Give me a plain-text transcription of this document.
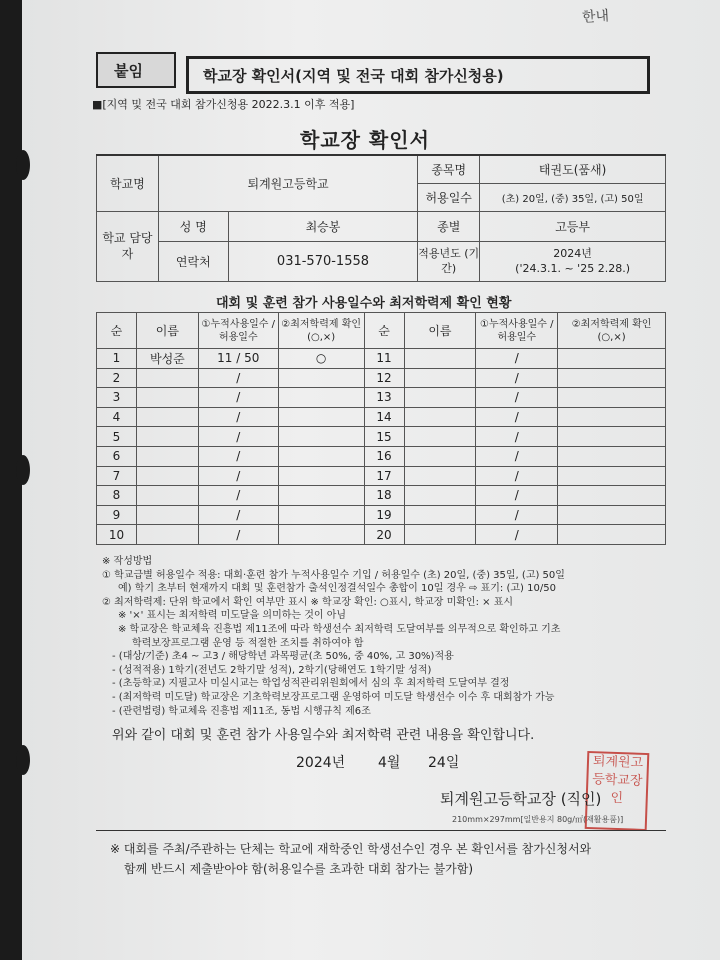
한내
붙임	학교장 확인서(지역 및 전국 대회 참가신청용)
■[지역 및 전국 대회 참가신청용 2022.3.1 이후 적용]
학교장 확인서
학교명	퇴계원고등학교		종목명	태권도(품새)
			허용일수	(초) 20일, (중) 35일, (고) 50일
학교 담당자	성 명	최승봉	종별	고등부
	연락처	031-570-1558	적용년도 (기간)	2024년
('24.3.1. ~ '25 2.28.)
대회 및 훈련 참가 사용일수와 최저학력제 확인 현황
순	이름	①누적사용일수 /허용일수	②최저학력제 확인(○,×)	순	이름	①누적사용일수 /허용일수	②최저학력제 확인(○,×)
1	박성준	11 / 50	○	11		/	
2		/		12		/	
3		/		13		/	
4		/		14		/	
5		/		15		/	
6		/		16		/	
7		/		17		/	
8		/		18		/	
9		/		19		/	
10		/		20		/	
※ 작성방법
① 학교급별 허용일수 적용: 대회·훈련 참가 누적사용일수 기입 / 허용일수 (초) 20일, (중) 35일, (고) 50일
예) 학기 초부터 현재까지 대회 및 훈련참가 출석인정결석일수 총합이 10일 경우 ⇨ 표기: (고) 10/50
② 최저학력제: 단위 학교에서 확인 여부만 표시 ※ 학교장 확인: ○표시, 학교장 미확인: × 표시
※ '×' 표시는 최저학력 미도달을 의미하는 것이 아님
※ 학교장은 학교체육 진흥법 제11조에 따라 학생선수 최저학력 도달여부를 의무적으로 확인하고 기초
학력보장프로그램 운영 등 적절한 조치를 취하여야 함
- (대상/기준) 초4 ~ 고3 / 해당학년 과목평균(초 50%, 중 40%, 고 30%)적용
- (성적적용) 1학기(전년도 2학기말 성적), 2학기(당해연도 1학기말 성적)
- (초등학교) 지필고사 미실시교는 학업성적관리위원회에서 심의 후 최저학력 도달여부 결정
- (최저학력 미도달) 학교장은 기초학력보장프로그램 운영하여 미도달 학생선수 이수 후 대회참가 가능
- (관련법령) 학교체육 진흥법 제11조, 동법 시행규칙 제6조
위와 같이 대회 및 훈련 참가 사용일수와 최저학력 관련 내용을 확인합니다.
2024년 4월 24일	퇴계원고등학교장인
퇴계원고등학교장 (직인)
210mm×297mm[일반용지 80g/㎡(재활용품)]
※ 대회를 주최/주관하는 단체는 학교에 재학중인 학생선수인 경우 본 확인서를 참가신청서와
함께 반드시 제출받아야 함(허용일수를 초과한 대회 참가는 불가함)
